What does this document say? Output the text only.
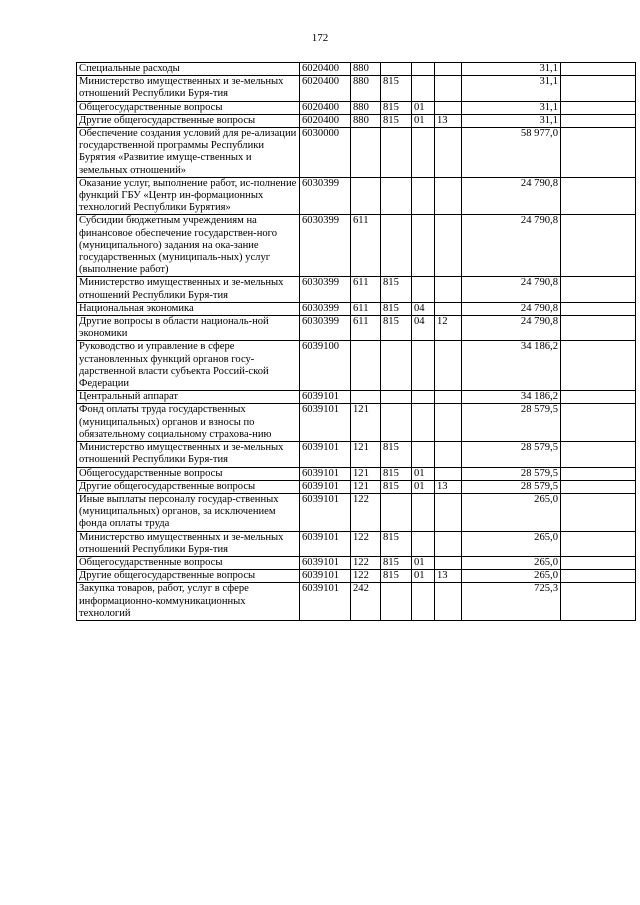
172
Специальные расходы	6020400	880				31,1	
Министерство имущественных и зе-мельных отношений Республики Буря-тия	6020400	880	815			31,1	
Общегосударственные вопросы	6020400	880	815	01		31,1	
Другие общегосударственные вопросы	6020400	880	815	01	13	31,1	
Обеспечение создания условий для ре-ализации государственной программы Республики Бурятия «Развитие имуще-ственных и земельных отношений»	6030000					58 977,0	
Оказание услуг, выполнение работ, ис-полнение функций ГБУ «Центр ин-формационных технологий Республики Бурятия»	6030399					24 790,8	
Субсидии бюджетным учреждениям на финансовое обеспечение государствен-ного (муниципального) задания на ока-зание государственных (муниципаль-ных) услуг (выполнение работ)	6030399	611				24 790,8	
Министерство имущественных и зе-мельных отношений Республики Буря-тия	6030399	611	815			24 790,8	
Национальная экономика	6030399	611	815	04		24 790,8	
Другие вопросы в области националь-ной экономики	6030399	611	815	04	12	24 790,8	
Руководство и управление в сфере установленных функций органов госу-дарственной власти субъекта Россий-ской Федерации	6039100					34 186,2	
Центральный аппарат	6039101					34 186,2	
Фонд оплаты труда государственных (муниципальных) органов и взносы по обязательному социальному страхова-нию	6039101	121				28 579,5	
Министерство имущественных и зе-мельных отношений Республики Буря-тия	6039101	121	815			28 579,5	
Общегосударственные вопросы	6039101	121	815	01		28 579,5	
Другие общегосударственные вопросы	6039101	121	815	01	13	28 579,5	
Иные выплаты персоналу государ-ственных (муниципальных) органов, за исключением фонда оплаты труда	6039101	122				265,0	
Министерство имущественных и зе-мельных отношений Республики Буря-тия	6039101	122	815			265,0	
Общегосударственные вопросы	6039101	122	815	01		265,0	
Другие общегосударственные вопросы	6039101	122	815	01	13	265,0	
Закупка товаров, работ, услуг в сфере информационно-коммуникационных технологий	6039101	242				725,3	
